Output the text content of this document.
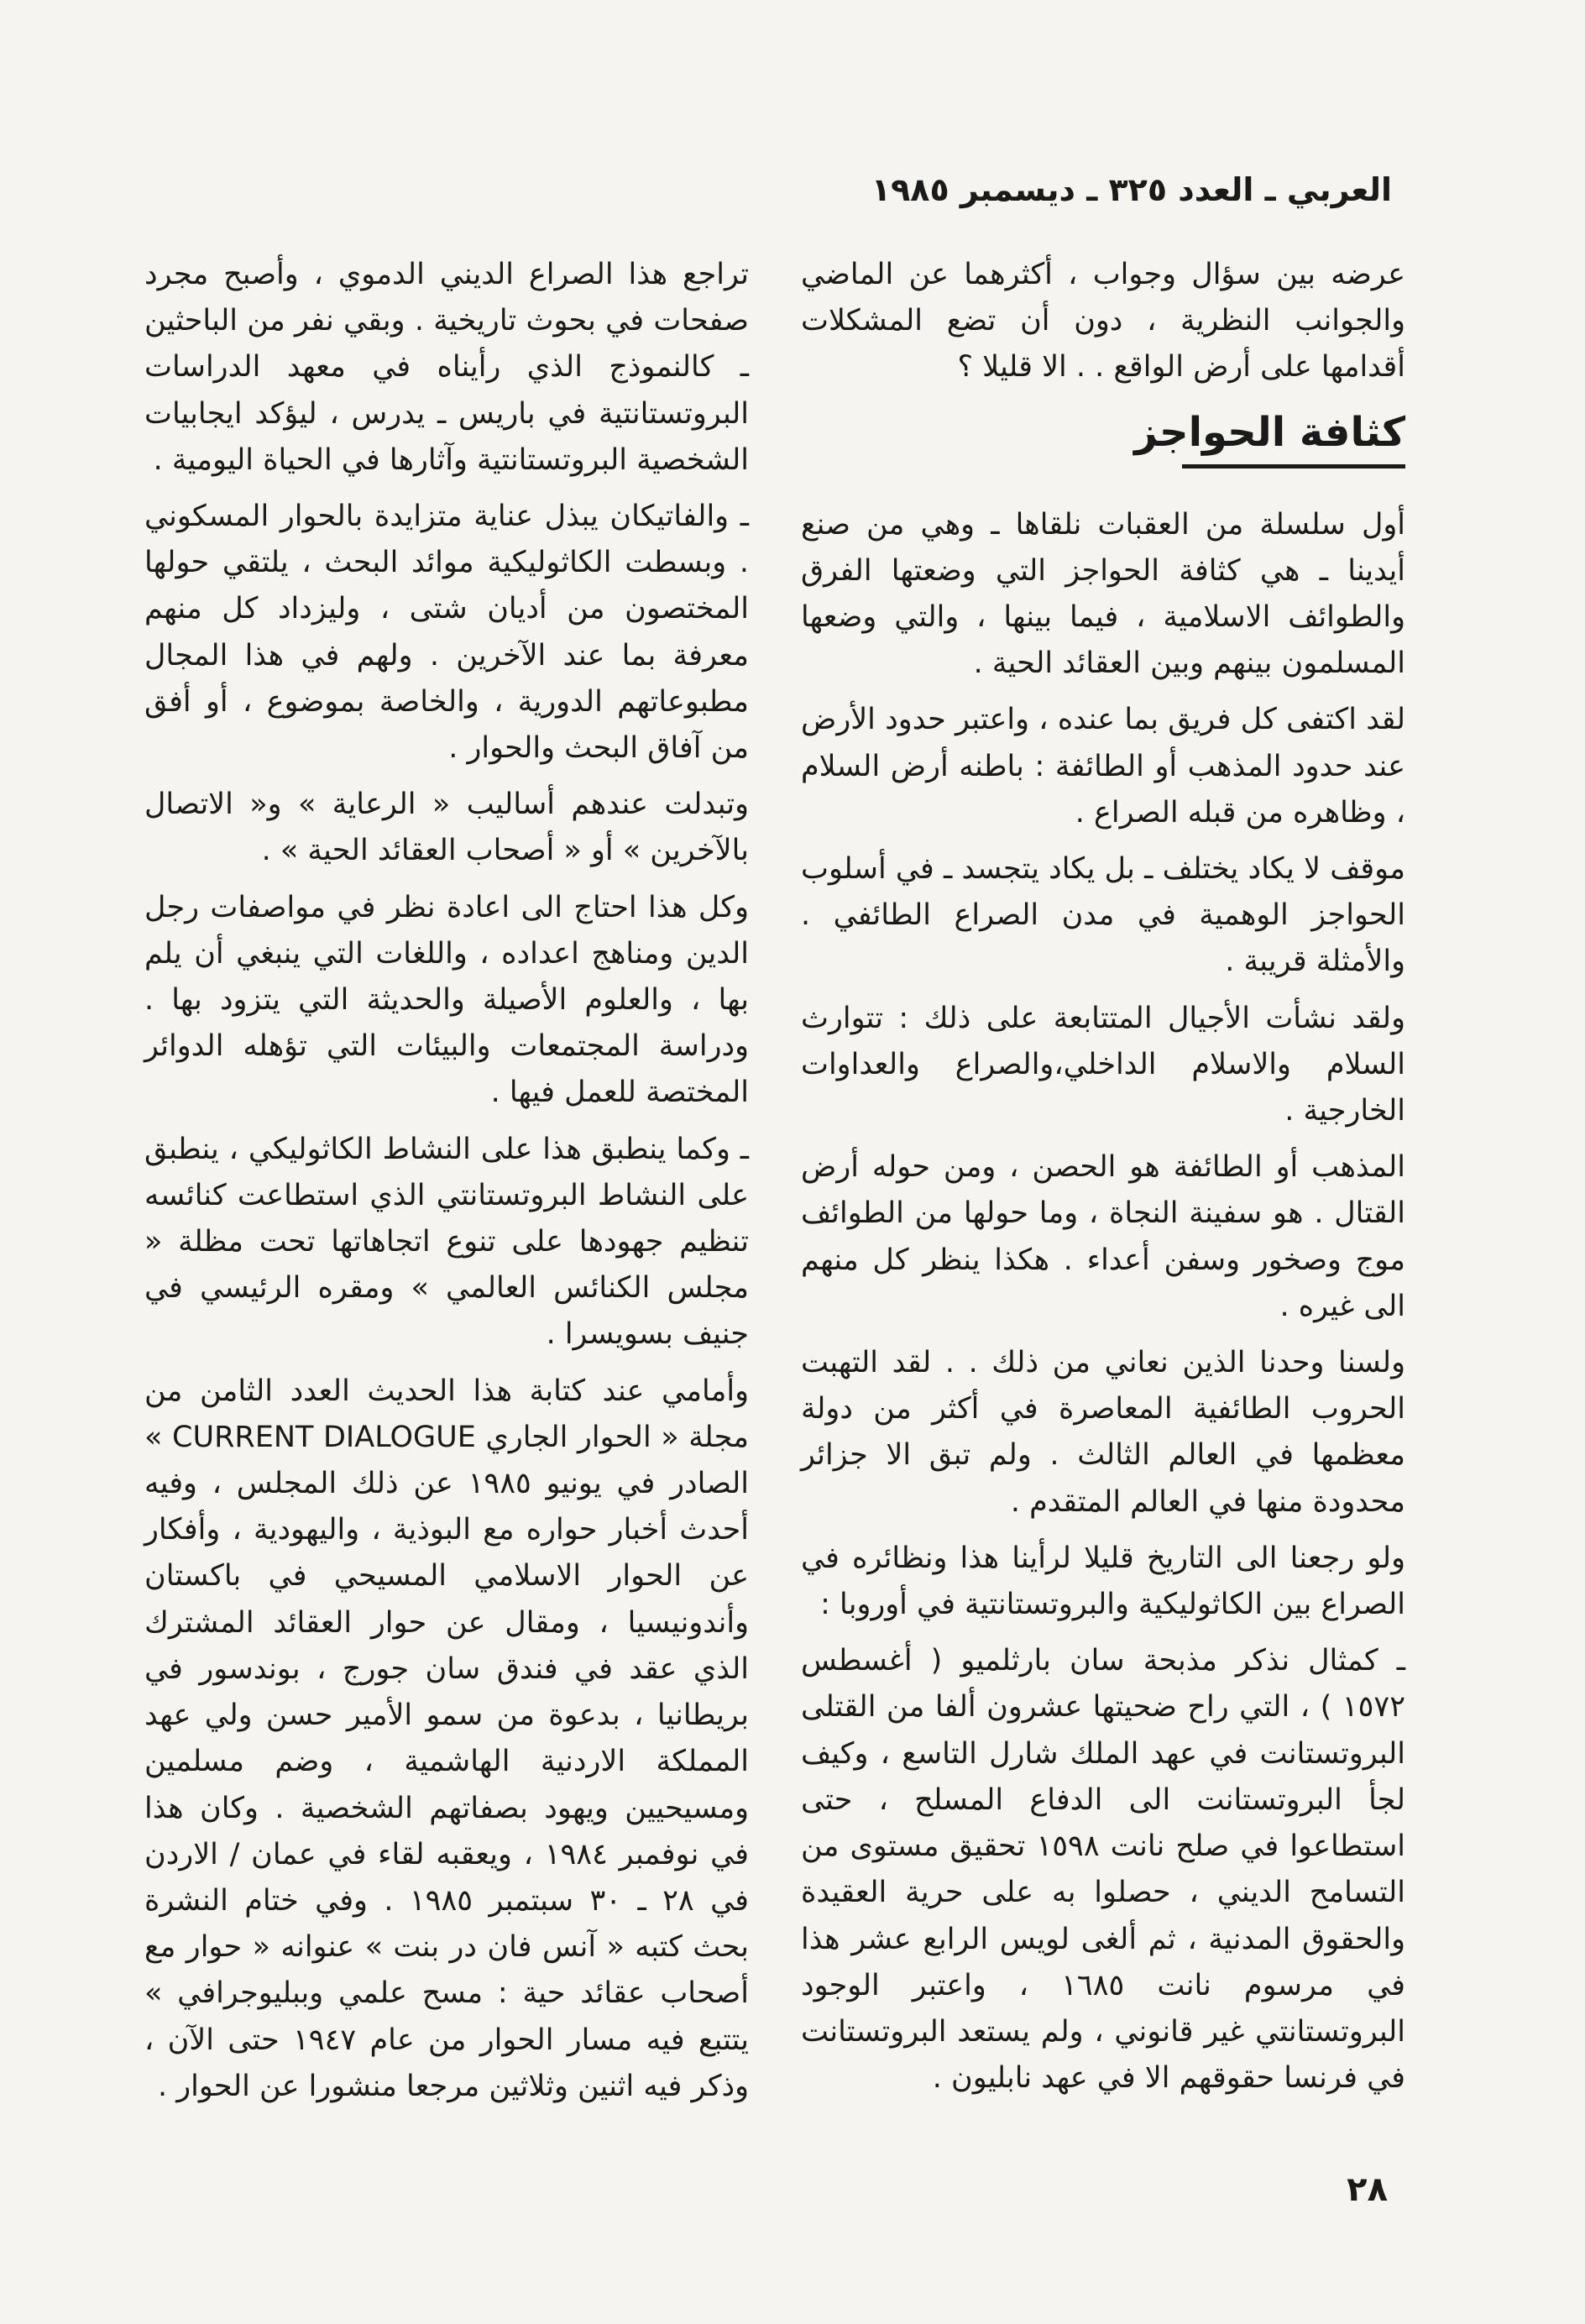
العربي ـ العدد ٣٢٥ ـ ديسمبر ١٩٨٥

عرضه بين سؤال وجواب ، أكثرهما عن الماضي والجوانب النظرية ، دون أن تضع المشكلات أقدامها على أرض الواقع . . الا قليلا ؟

كثافة الحواجز

أول سلسلة من العقبات نلقاها ـ وهي من صنع أيدينا ـ هي كثافة الحواجز التي وضعتها الفرق والطوائف الاسلامية ، فيما بينها ، والتي وضعها المسلمون بينهم وبين العقائد الحية .

لقد اكتفى كل فريق بما عنده ، واعتبر حدود الأرض عند حدود المذهب أو الطائفة : باطنه أرض السلام ، وظاهره من قبله الصراع .

موقف لا يكاد يختلف ـ بل يكاد يتجسد ـ في أسلوب الحواجز الوهمية في مدن الصراع الطائفي . والأمثلة قريبة .

ولقد نشأت الأجيال المتتابعة على ذلك : تتوارث السلام والاسلام الداخلي،والصراع والعداوات الخارجية .

المذهب أو الطائفة هو الحصن ، ومن حوله أرض القتال . هو سفينة النجاة ، وما حولها من الطوائف موج وصخور وسفن أعداء . هكذا ينظر كل منهم الى غيره .

ولسنا وحدنا الذين نعاني من ذلك . . لقد التهبت الحروب الطائفية المعاصرة في أكثر من دولة معظمها في العالم الثالث . ولم تبق الا جزائر محدودة منها في العالم المتقدم .

ولو رجعنا الى التاريخ قليلا لرأينا هذا ونظائره في الصراع بين الكاثوليكية والبروتستانتية في أوروبا :

ـ كمثال نذكر مذبحة سان بارثلميو ( أغسطس ١٥٧٢ ) ، التي راح ضحيتها عشرون ألفا من القتلى البروتستانت في عهد الملك شارل التاسع ، وكيف لجأ البروتستانت الى الدفاع المسلح ، حتى استطاعوا في صلح نانت ١٥٩٨ تحقيق مستوى من التسامح الديني ، حصلوا به على حرية العقيدة والحقوق المدنية ، ثم ألغى لويس الرابع عشر هذا في مرسوم نانت ١٦٨٥ ، واعتبر الوجود البروتستانتي غير قانوني ، ولم يستعد البروتستانت في فرنسا حقوقهم الا في عهد نابليون .

تراجع هذا الصراع الديني الدموي ، وأصبح مجرد صفحات في بحوث تاريخية . وبقي نفر من الباحثين ـ كالنموذج الذي رأيناه في معهد الدراسات البروتستانتية في باريس ـ يدرس ، ليؤكد ايجابيات الشخصية البروتستانتية وآثارها في الحياة اليومية .

ـ والفاتيكان يبذل عناية متزايدة بالحوار المسكوني . وبسطت الكاثوليكية موائد البحث ، يلتقي حولها المختصون من أديان شتى ، وليزداد كل منهم معرفة بما عند الآخرين . ولهم في هذا المجال مطبوعاتهم الدورية ، والخاصة بموضوع ، أو أفق من آفاق البحث والحوار .

وتبدلت عندهم أساليب « الرعاية » و« الاتصال بالآخرين » أو « أصحاب العقائد الحية » .

وكل هذا احتاج الى اعادة نظر في مواصفات رجل الدين ومناهج اعداده ، واللغات التي ينبغي أن يلم بها ، والعلوم الأصيلة والحديثة التي يتزود بها . ودراسة المجتمعات والبيئات التي تؤهله الدوائر المختصة للعمل فيها .

ـ وكما ينطبق هذا على النشاط الكاثوليكي ، ينطبق على النشاط البروتستانتي الذي استطاعت كنائسه تنظيم جهودها على تنوع اتجاهاتها تحت مظلة « مجلس الكنائس العالمي » ومقره الرئيسي في جنيف بسويسرا .

وأمامي عند كتابة هذا الحديث العدد الثامن من مجلة « الحوار الجاري CURRENT DIALOGUE » الصادر في يونيو ١٩٨٥ عن ذلك المجلس ، وفيه أحدث أخبار حواره مع البوذية ، واليهودية ، وأفكار عن الحوار الاسلامي المسيحي في باكستان وأندونيسيا ، ومقال عن حوار العقائد المشترك الذي عقد في فندق سان جورج ، بوندسور في بريطانيا ، بدعوة من سمو الأمير حسن ولي عهد المملكة الاردنية الهاشمية ، وضم مسلمين ومسيحيين ويهود بصفاتهم الشخصية . وكان هذا في نوفمبر ١٩٨٤ ، ويعقبه لقاء في عمان / الاردن في ٢٨ ـ ٣٠ سبتمبر ١٩٨٥ . وفي ختام النشرة بحث كتبه « آنس فان در بنت » عنوانه « حوار مع أصحاب عقائد حية : مسح علمي وببليوجرافي » يتتبع فيه مسار الحوار من عام ١٩٤٧ حتى الآن ، وذكر فيه اثنين وثلاثين مرجعا منشورا عن الحوار .

٢٨
